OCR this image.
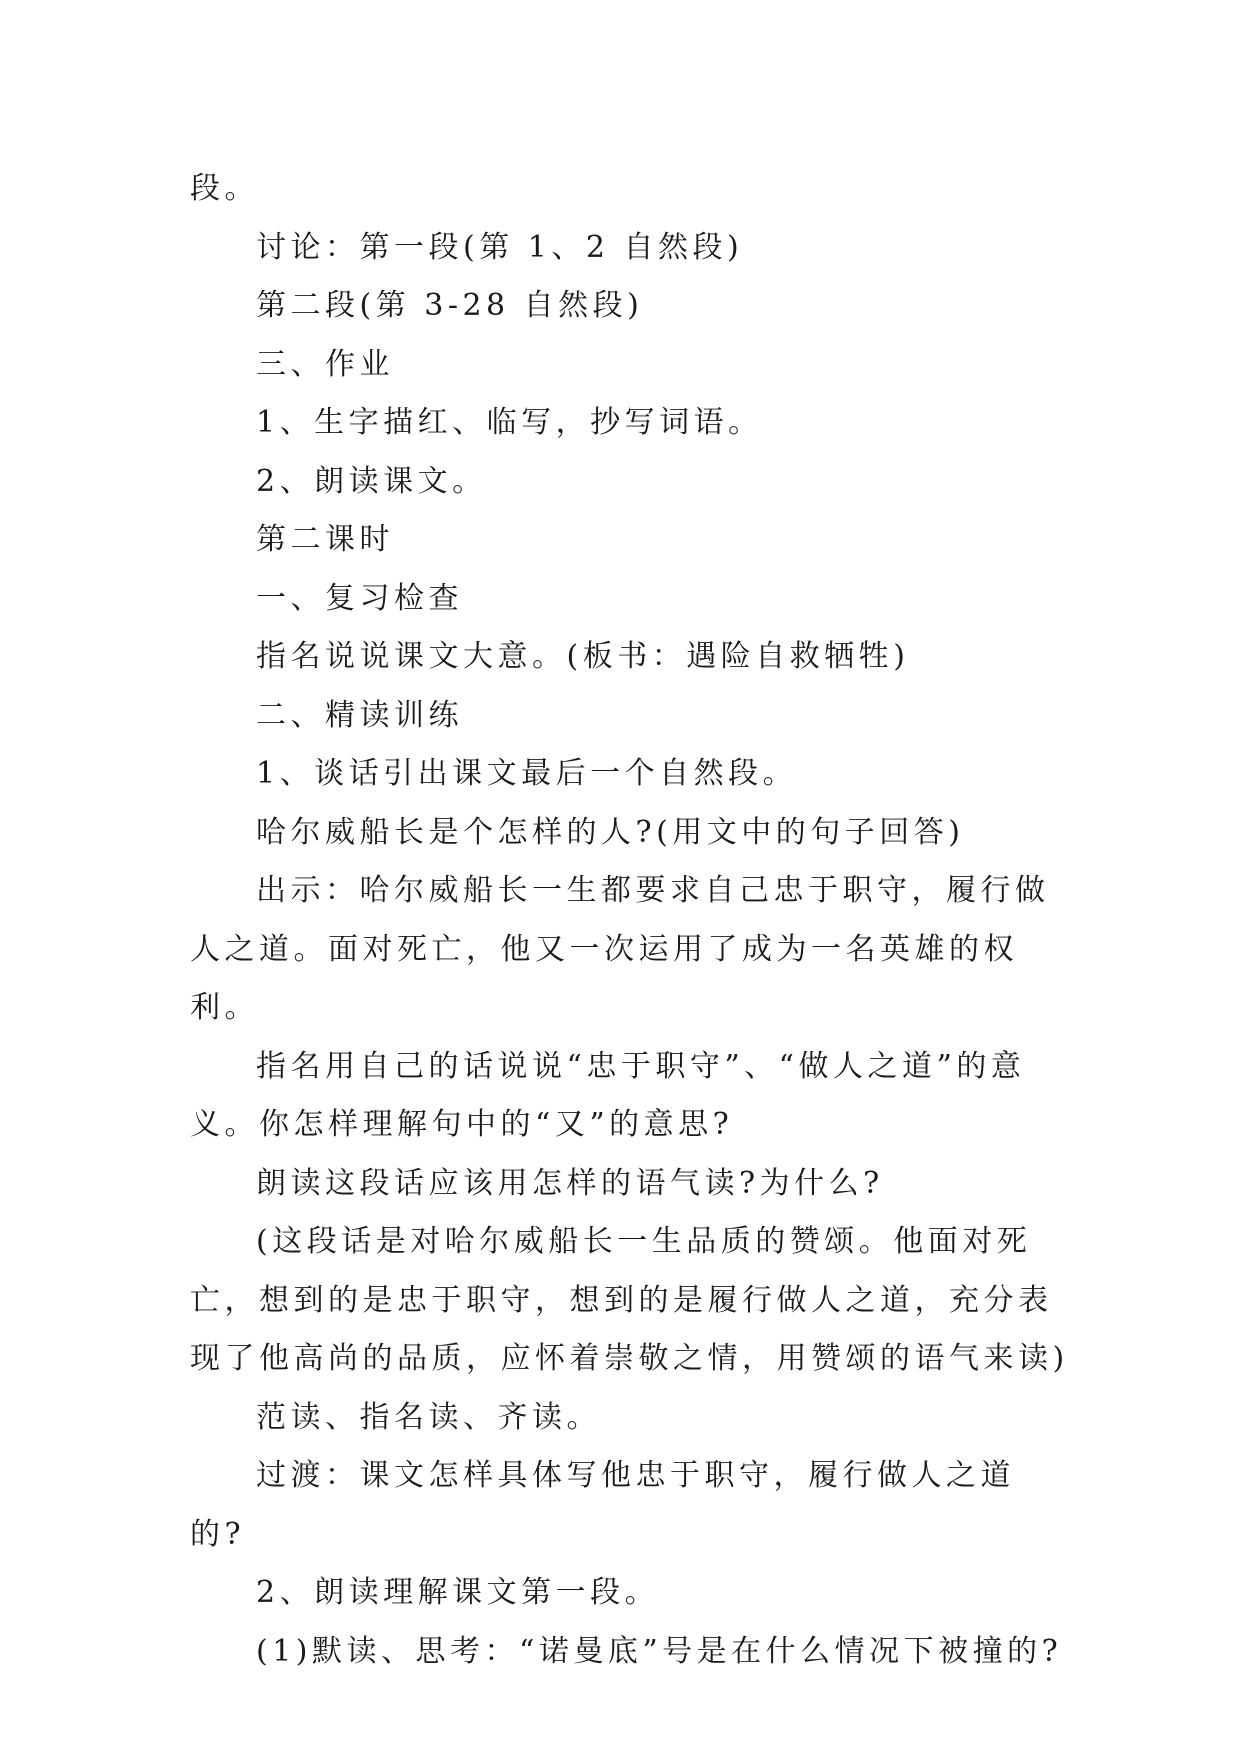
段。

讨论：第一段(第 1、2 自然段)

第二段(第 3-28 自然段)

三、作业

1、生字描红、临写，抄写词语。

2、朗读课文。

第二课时

一、复习检查

指名说说课文大意。(板书：遇险自救牺牲)

二、精读训练

1、谈话引出课文最后一个自然段。

哈尔威船长是个怎样的人?(用文中的句子回答)

出示：哈尔威船长一生都要求自己忠于职守，履行做人之道。面对死亡，他又一次运用了成为一名英雄的权利。

指名用自己的话说说“忠于职守”、“做人之道”的意义。你怎样理解句中的“又”的意思?

朗读这段话应该用怎样的语气读?为什么?

(这段话是对哈尔威船长一生品质的赞颂。他面对死亡，想到的是忠于职守，想到的是履行做人之道，充分表现了他高尚的品质，应怀着崇敬之情，用赞颂的语气来读)

范读、指名读、齐读。

过渡：课文怎样具体写他忠于职守，履行做人之道的?

2、朗读理解课文第一段。

(1)默读、思考：“诺曼底”号是在什么情况下被撞的?
